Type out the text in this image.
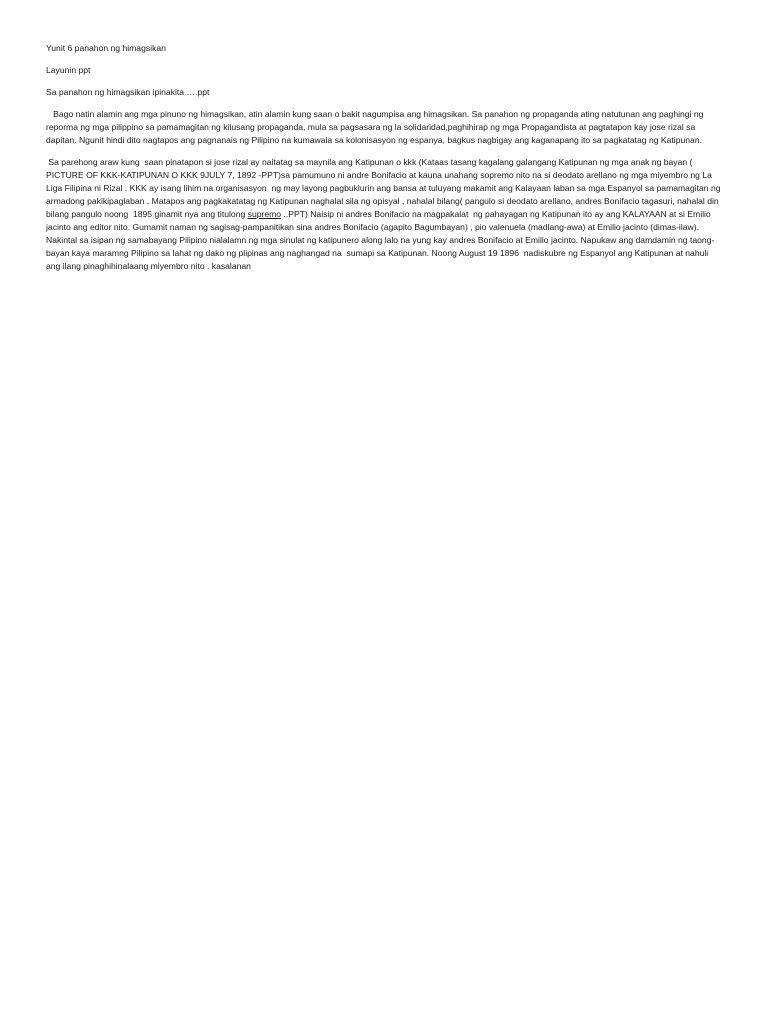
Yunit 6 panahon ng himagsikan

Layunin ppt

Sa panahon ng himagsikan ipinakita ….ppt

Bago natin alamin ang mga pinuno ng himagsikan, atin alamin kung saan o bakit nagumpisa ang himagsikan. Sa panahon ng propaganda ating natutunan ang paghingi ng reporma ng mga pilippino sa pamamagitan ng kilusang propaganda, mula sa pagsasara ng la solidaridad,paghihirap ng mga Propagandista at pagtatapon kay jose rizal sa dapitan. Ngunit hindi dito nagtapos ang pagnanais ng Pilipino na kumawala sa kolonisasyon ng espanya, bagkus nagbigay ang kaganapang ito sa pagkatatag ng Katipunan.

Sa parehong araw kung  saan pinatapon si jose rizal ay naitatag sa maynila ang Katipunan o kkk (Kataas tasang kagalang galangang Katipunan ng mga anak ng bayan ( PICTURE OF KKK-KATIPUNAN O KKK 9JULY 7, 1892 -PPT)sa pamumuno ni andre Bonifacio at kauna unahang sopremo nito na si deodato arellano ng mga miyembro ng La Liga Filipina ni Rizal . KKK ay isang lihim na organisasyon  ng may layong pagbuklurin ang bansa at tuluyang makamit ang Kalayaan laban sa mga Espanyol sa pamamagitan ng armadong pakikipaglaban . Matapos ang pagkakatatag ng Katipunan naghalal sila ng opisyal , nahalal bilang( pangulo si deodato arellano, andres Bonifacio tagasuri, nahalal din bilang pangulo noong  1895 ginamit nya ang titulong supremo ..PPT) Naisip ni andres Bonifacio na magpakalat  ng pahayagan ng Katipunan ito ay ang KALAYAAN at si Emilio jacinto ang editor nito. Gumamit naman ng sagisag-pampanitikan sina andres Bonifacio (agapito Bagumbayan) , pio valenuela (madlang-awa) at Emilio jacinto (dimas-ilaw).  Nakintal sa isipan ng samabayang Pilipino nialalamn ng mga sinulat ng katipunero along lalo na yung kay andres Bonifacio at Emilio jacinto. Napukaw ang damdamin ng taong-bayan kaya maramng Pilipino sa lahat ng dako ng plipinas ang naghangad na  sumapi sa Katipunan. Noong August 19 1896  nadiskubre ng Espanyol ang Katipunan at nahuli ang ilang pinaghihinalaang miyembro nito . kasalanan
